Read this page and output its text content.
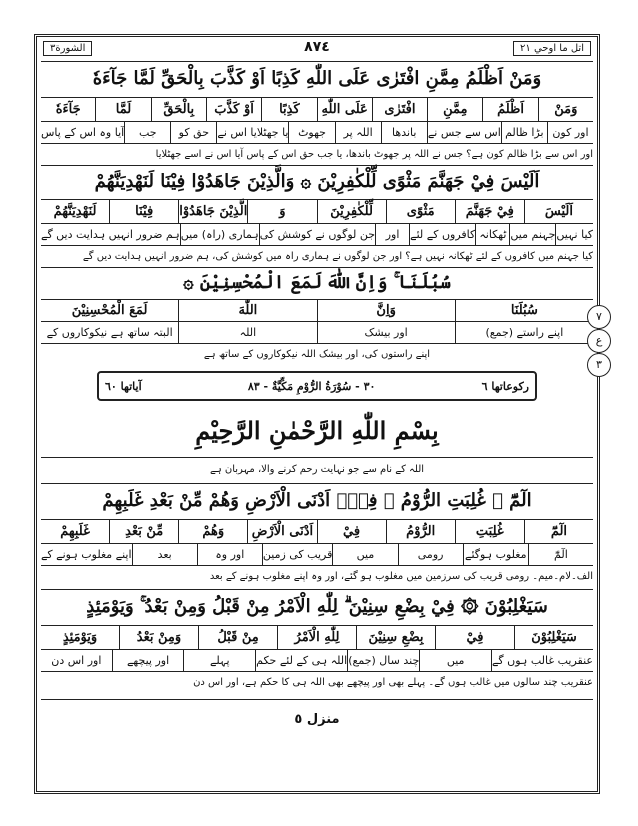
الشورة٣	٨٧٤	اتل ما اوحي ٢١
وَمَنْ اَظْلَمُ مِمَّنِ افْتَرٰى عَلَى اللّٰهِ كَذِبًا اَوْ كَذَّبَ بِالْحَقِّ لَمَّا جَآءَهٗ
وَمَنْ
اَظْلَمُ
مِمَّنِ
افْتَرٰى
عَلَى اللّٰهِ
كَذِبًا
اَوْ كَذَّبَ
بِالْحَقِّ
لَمَّا
جَآءَهٗ
اور کون
بڑا ظالم
اس سے جس نے
باندھا
اللہ پر
جھوٹ
یا جھٹلایا اس نے
حق کو
جب
آیا وہ اس کے پاس
اور اس سے بڑا ظالم کون ہے؟ جس نے اللہ پر جھوٹ باندھا، یا جب حق اس کے پاس آیا اس نے اسے جھٹلایا
اَلَيْسَ فِيْ جَهَنَّمَ مَثْوًى لِّلْكٰفِرِيْنَ ۞ وَالَّذِيْنَ جَاهَدُوْا فِيْنَا لَنَهْدِيَنَّهُمْ
اَلَيْسَ
فِيْ جَهَنَّمَ
مَثْوًى
لِّلْكٰفِرِيْنَ
وَ
الَّذِيْنَ جَاهَدُوْا
فِيْنَا
لَنَهْدِيَنَّهُمْ
کیا نہیں
جہنم میں
ٹھکانہ
کافروں کے لئے
اور
جن لوگوں نے کوشش کی
ہماری (راہ) میں
ہم ضرور انہیں ہدایت دیں گے
کیا جہنم میں کافروں کے لئے ٹھکانہ نہیں ہے؟ اور جن لوگوں نے ہماری راہ میں کوشش کی، ہم ضرور انہیں ہدایت دیں گے
سُبُلَنَا ۚ وَاِنَّ اللّٰهَ لَمَعَ الْمُحْسِنِيْنَ ۞
سُبُلَنَا
وَاِنَّ
اللّٰهَ
لَمَعَ الْمُحْسِنِيْنَ
اپنے راستے (جمع)
اور بیشک
اللہ
البتہ ساتھ ہے نیکوکاروں کے
اپنے راستوں کی، اور بیشک اللہ نیکوکاروں کے ساتھ ہے
رکوعاتھا ٦
٣٠ - سُوْرَةُ الرُّوْمِ مَكِّيَّةٌ - ٨٣
آیاتھا ٦٠
بِسْمِ اللّٰهِ الرَّحْمٰنِ الرَّحِيْمِ
اللہ کے نام سے جو نہایت رحم کرنے والا، مہربان ہے
الٓمّٓ ۞ غُلِبَتِ الرُّوْمُ ۞ فِيْۤ اَدْنَى الْاَرْضِ وَهُمْ مِّنْ بَعْدِ غَلَبِهِمْ
الٓمّٓ
غُلِبَتِ
الرُّوْمُ
فِيْ
اَدْنَى الْاَرْضِ
وَهُمْ
مِّنْ بَعْدِ
غَلَبِهِمْ
الٓمّٓ
مغلوب ہوگئے
رومی
میں
قریب کی زمین
اور وہ
بعد
اپنے مغلوب ہونے کے
الف۔لام۔میم۔ رومی قریب کی سرزمین میں مغلوب ہو گئے، اور وہ اپنے مغلوب ہونے کے بعد
سَيَغْلِبُوْنَ ۞ فِيْ بِضْعِ سِنِيْنَ ۗ لِلّٰهِ الْاَمْرُ مِنْ قَبْلُ وَمِنْ بَعْدُ ۚ وَيَوْمَئِذٍ
سَيَغْلِبُوْنَ
فِيْ
بِضْعِ سِنِيْنَ
لِلّٰهِ الْاَمْرُ
مِنْ قَبْلُ
وَمِنْ بَعْدُ
وَيَوْمَئِذٍ
عنقریب غالب ہوں گے
میں
چند سال (جمع)
اللہ ہی کے لئے حکم
پہلے
اور پیچھے
اور اس دن
عنقریب چند سالوں میں غالب ہوں گے۔ پہلے بھی اور پیچھے بھی اللہ ہی کا حکم ہے، اور اس دن
منزل ٥
٧
ع
٣
